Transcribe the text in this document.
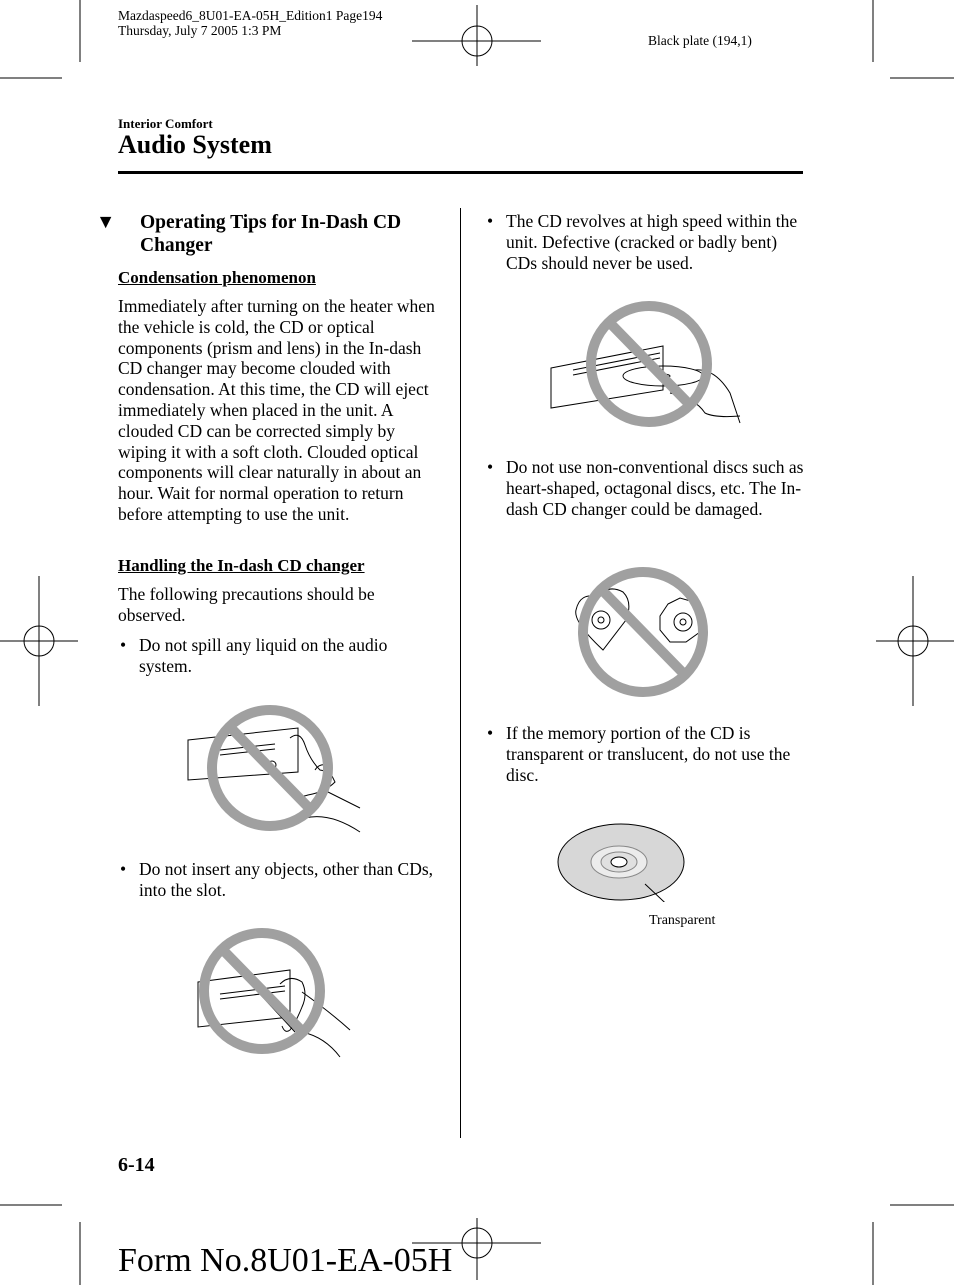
Mazdaspeed6_8U01-EA-05H_Edition1 Page194
Thursday, July 7 2005 1:3 PM
Black plate (194,1)
Interior Comfort
Audio System
▼ Operating Tips for In-Dash CD Changer
Condensation phenomenon
Immediately after turning on the heater when the vehicle is cold, the CD or optical components (prism and lens) in the In-dash CD changer may become clouded with condensation. At this time, the CD will eject immediately when placed in the unit. A clouded CD can be corrected simply by wiping it with a soft cloth. Clouded optical components will clear naturally in about an hour. Wait for normal operation to return before attempting to use the unit.
Handling the In-dash CD changer
The following precautions should be observed.
• Do not spill any liquid on the audio system.
• Do not insert any objects, other than CDs, into the slot.
• The CD revolves at high speed within the unit. Defective (cracked or badly bent) CDs should never be used.
• Do not use non-conventional discs such as heart-shaped, octagonal discs, etc. The In-dash CD changer could be damaged.
• If the memory portion of the CD is transparent or translucent, do not use the disc.
Transparent
6-14
Form No.8U01-EA-05H
